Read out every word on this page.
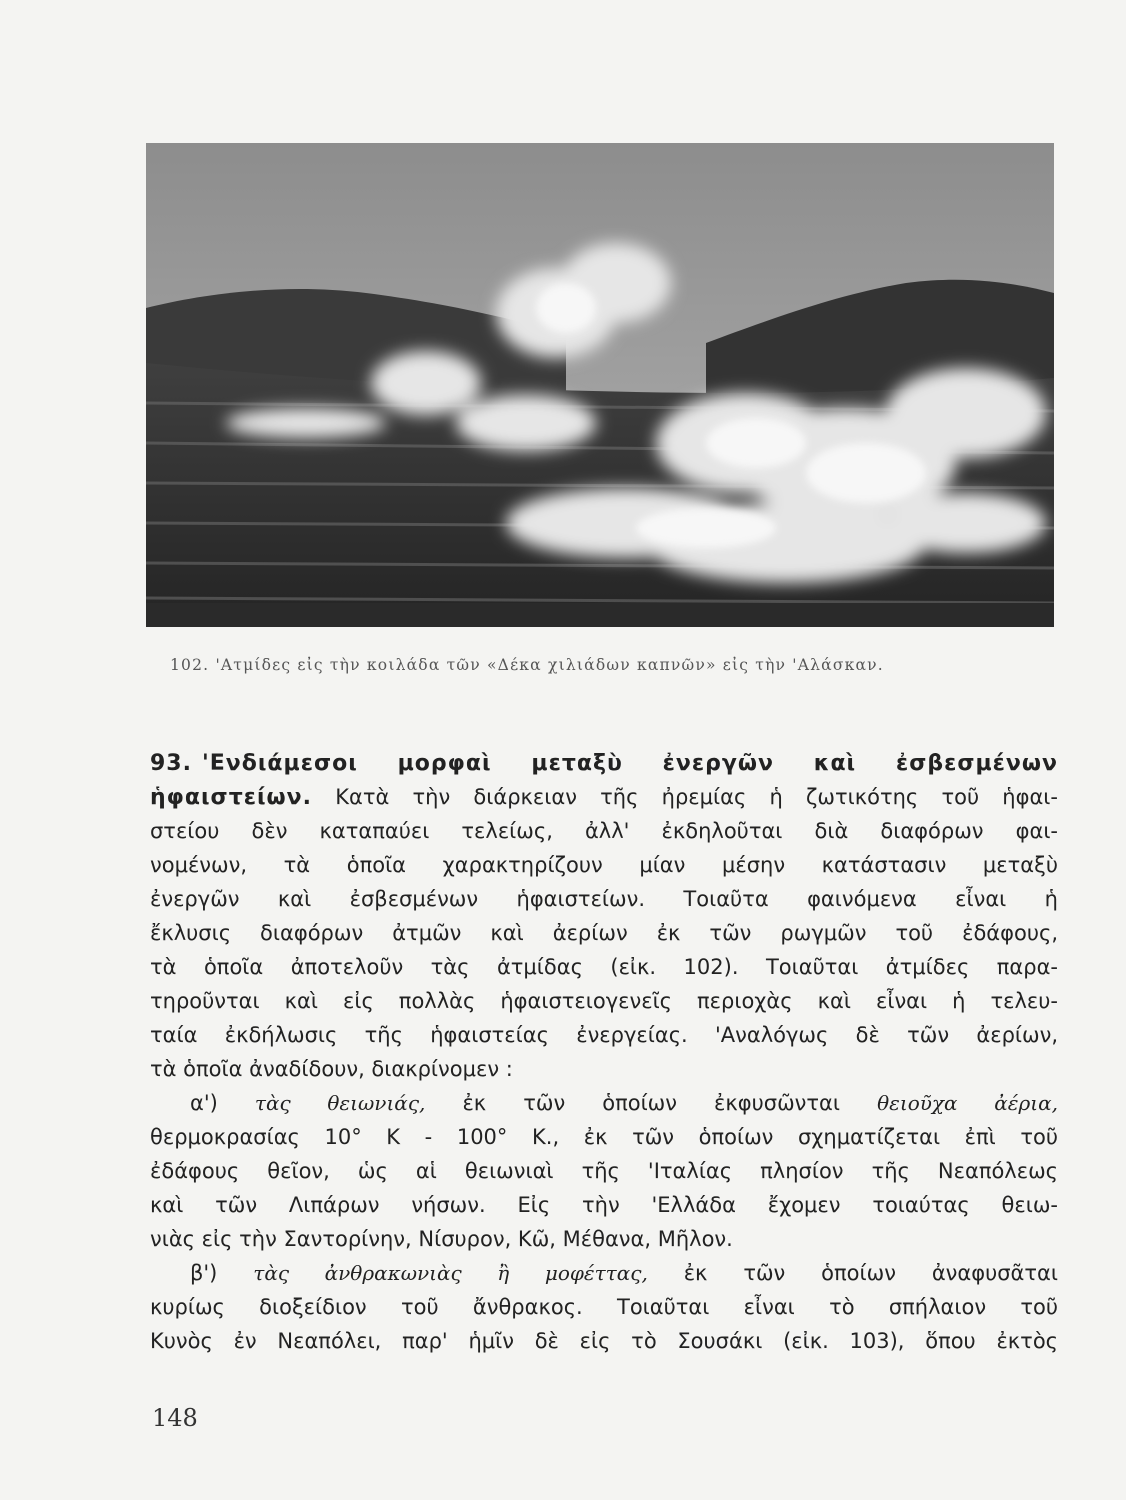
102. 'Ατμίδες εἰς τὴν κοιλάδα τῶν «Δέκα χιλιάδων καπνῶν» εἰς τὴν 'Αλάσκαν.
93. 'Ενδιάμεσοι μορφαὶ μεταξὺ ἐνεργῶν καὶ ἐσβεσμένων
ἡφαιστείων. Κατὰ τὴν διάρκειαν τῆς ἠρεμίας ἡ ζωτικότης τοῦ ἡφαι-
στείου δὲν καταπαύει τελείως, ἀλλ' ἐκδηλοῦται διὰ διαφόρων φαι-
νομένων, τὰ ὁποῖα χαρακτηρίζουν μίαν μέσην κατάστασιν μεταξὺ
ἐνεργῶν καὶ ἐσβεσμένων ἡφαιστείων. Τοιαῦτα φαινόμενα εἶναι ἡ
ἔκλυσις διαφόρων ἀτμῶν καὶ ἀερίων ἐκ τῶν ρωγμῶν τοῦ ἐδάφους,
τὰ ὁποῖα ἀποτελοῦν τὰς ἀτμίδας (εἰκ. 102). Τοιαῦται ἀτμίδες παρα-
τηροῦνται καὶ εἰς πολλὰς ἡφαιστειογενεῖς περιοχὰς καὶ εἶναι ἡ τελευ-
ταία ἐκδήλωσις τῆς ἡφαιστείας ἐνεργείας. 'Αναλόγως δὲ τῶν ἀερίων,
τὰ ὁποῖα ἀναδίδουν, διακρίνομεν :
α') τὰς θειωνιάς, ἐκ τῶν ὁποίων ἐκφυσῶνται θειοῦχα ἀέρια,
θερμοκρασίας 10° Κ - 100° Κ., ἐκ τῶν ὁποίων σχηματίζεται ἐπὶ τοῦ
ἐδάφους θεῖον, ὡς αἱ θειωνιαὶ τῆς 'Ιταλίας πλησίον τῆς Νεαπόλεως
καὶ τῶν Λιπάρων νήσων. Εἰς τὴν 'Ελλάδα ἔχομεν τοιαύτας θειω-
νιὰς εἰς τὴν Σαντορίνην, Νίσυρον, Κῶ, Μέθανα, Μῆλον.
β') τὰς ἀνθρακωνιὰς ἢ μοφέττας, ἐκ τῶν ὁποίων ἀναφυσᾶται
κυρίως διοξείδιον τοῦ ἄνθρακος. Τοιαῦται εἶναι τὸ σπήλαιον τοῦ
Κυνὸς ἐν Νεαπόλει, παρ' ἡμῖν δὲ εἰς τὸ Σουσάκι (εἰκ. 103), ὅπου ἐκτὸς
148
